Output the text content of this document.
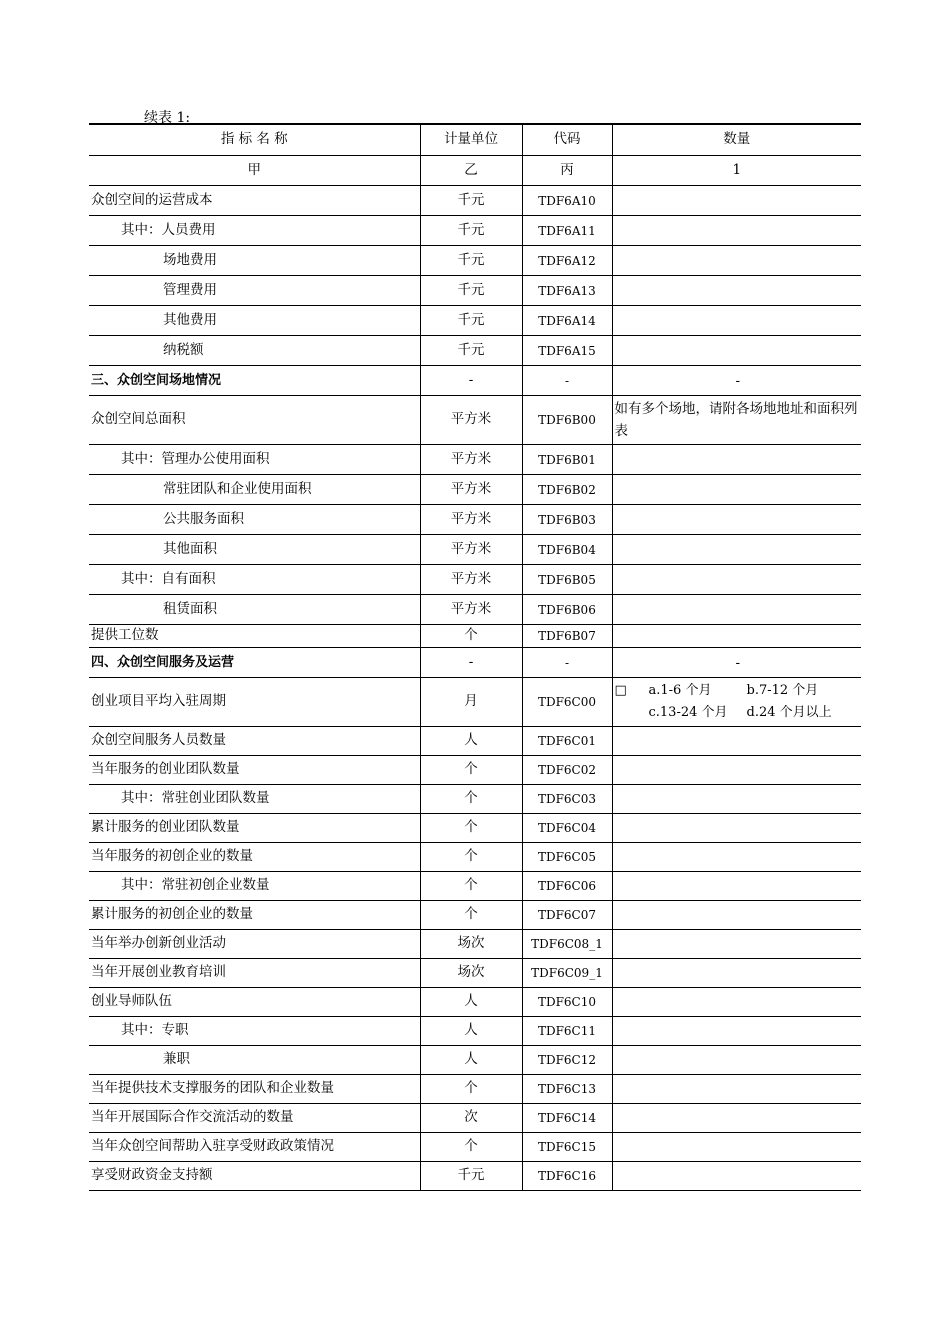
续表 1:
指 标 名 称	计量单位	代码	数量
甲	乙	丙	1
众创空间的运营成本	千元	TDF6A10	
其中：人员费用	千元	TDF6A11	
场地费用	千元	TDF6A12	
管理费用	千元	TDF6A13	
其他费用	千元	TDF6A14	
纳税额	千元	TDF6A15	
三、众创空间场地情况	-	-	-
众创空间总面积	平方米	TDF6B00	如有多个场地，请附各场地地址和面积列表
其中：管理办公使用面积	平方米	TDF6B01	
常驻团队和企业使用面积	平方米	TDF6B02	
公共服务面积	平方米	TDF6B03	
其他面积	平方米	TDF6B04	
其中：自有面积	平方米	TDF6B05	
租赁面积	平方米	TDF6B06	
提供工位数	个	TDF6B07	
四、众创空间服务及运营	-	-	-
创业项目平均入驻周期	月	TDF6C00	□ a.1-6 个月 b.7-12 个月
c.13-24 个月 d.24 个月以上

众创空间服务人员数量	人	TDF6C01	
当年服务的创业团队数量	个	TDF6C02	
其中：常驻创业团队数量	个	TDF6C03	
累计服务的创业团队数量	个	TDF6C04	
当年服务的初创企业的数量	个	TDF6C05	
其中：常驻初创企业数量	个	TDF6C06	
累计服务的初创企业的数量	个	TDF6C07	
当年举办创新创业活动	场次	TDF6C08_1	
当年开展创业教育培训	场次	TDF6C09_1	
创业导师队伍	人	TDF6C10	
其中：专职	人	TDF6C11	
兼职	人	TDF6C12	
当年提供技术支撑服务的团队和企业数量	个	TDF6C13	
当年开展国际合作交流活动的数量	次	TDF6C14	
当年众创空间帮助入驻享受财政政策情况	个	TDF6C15	
享受财政资金支持额	千元	TDF6C16	
